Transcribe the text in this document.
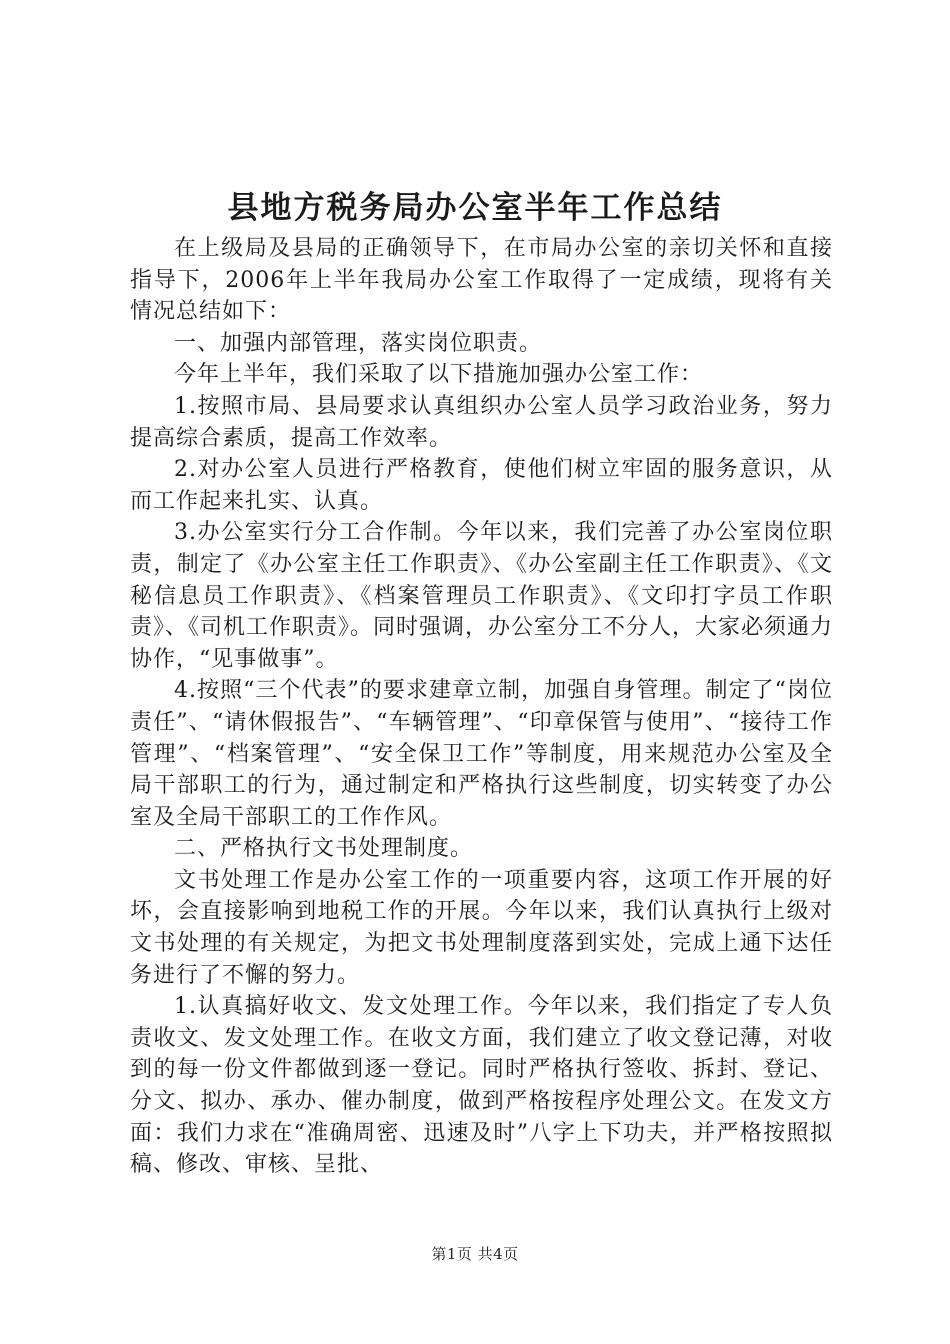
县地方税务局办公室半年工作总结

在上级局及县局的正确领导下，在市局办公室的亲切关怀和直接指导下，2006年上半年我局办公室工作取得了一定成绩，现将有关情况总结如下：

一、加强内部管理，落实岗位职责。

今年上半年，我们采取了以下措施加强办公室工作：

1.按照市局、县局要求认真组织办公室人员学习政治业务，努力提高综合素质，提高工作效率。

2.对办公室人员进行严格教育，使他们树立牢固的服务意识，从而工作起来扎实、认真。

3.办公室实行分工合作制。今年以来，我们完善了办公室岗位职责，制定了《办公室主任工作职责》、《办公室副主任工作职责》、《文秘信息员工作职责》、《档案管理员工作职责》、《文印打字员工作职责》、《司机工作职责》。同时强调，办公室分工不分人，大家必须通力协作，“见事做事”。

4.按照“三个代表”的要求建章立制，加强自身管理。制定了“岗位责任”、“请休假报告”、“车辆管理”、“印章保管与使用”、“接待工作管理”、“档案管理”、“安全保卫工作”等制度，用来规范办公室及全局干部职工的行为，通过制定和严格执行这些制度，切实转变了办公室及全局干部职工的工作作风。

二、严格执行文书处理制度。

文书处理工作是办公室工作的一项重要内容，这项工作开展的好坏，会直接影响到地税工作的开展。今年以来，我们认真执行上级对文书处理的有关规定，为把文书处理制度落到实处，完成上通下达任务进行了不懈的努力。

1.认真搞好收文、发文处理工作。今年以来，我们指定了专人负责收文、发文处理工作。在收文方面，我们建立了收文登记薄，对收到的每一份文件都做到逐一登记。同时严格执行签收、拆封、登记、分文、拟办、承办、催办制度，做到严格按程序处理公文。在发文方面：我们力求在“准确周密、迅速及时”八字上下功夫，并严格按照拟稿、修改、审核、呈批、

第1页 共4页
